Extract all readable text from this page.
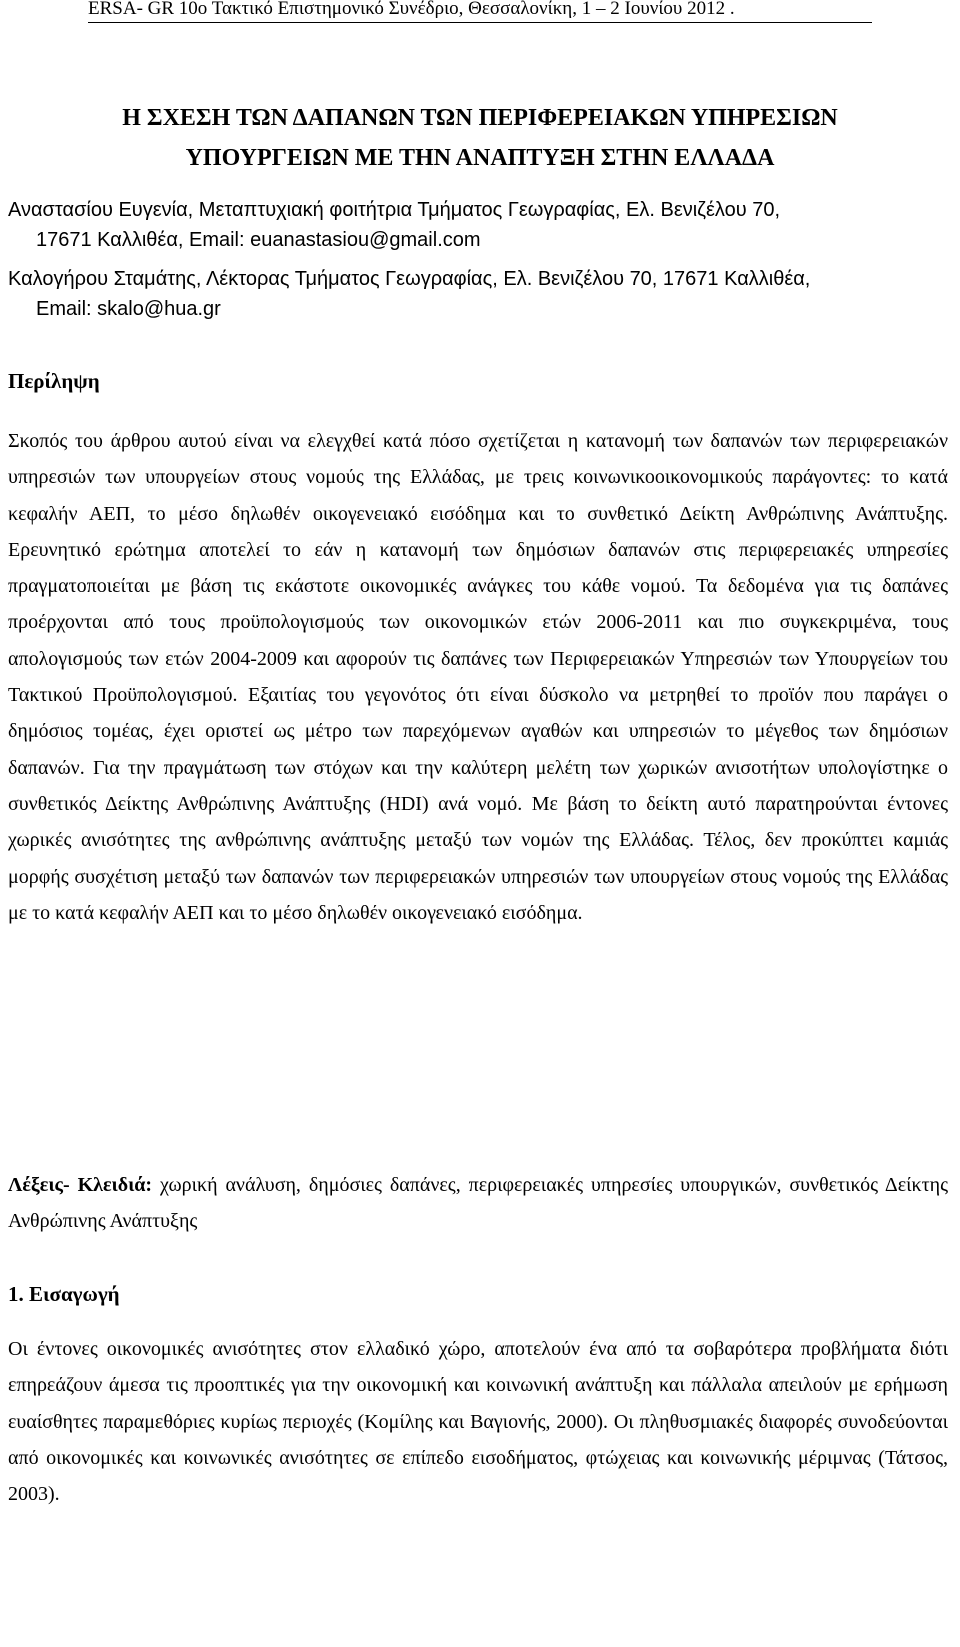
ERSA- GR 10ο Τακτικό Επιστημονικό Συνέδριο, Θεσσαλονίκη, 1 – 2 Ιουνίου 2012 .
Η ΣΧΕΣΗ ΤΩΝ ΔΑΠΑΝΩΝ ΤΩΝ ΠΕΡΙΦΕΡΕΙΑΚΩΝ ΥΠΗΡΕΣΙΩΝ
ΥΠΟΥΡΓΕΙΩΝ ΜΕ ΤΗΝ ΑΝΑΠΤΥΞΗ ΣΤΗΝ ΕΛΛΑΔΑ
Αναστασίου Ευγενία, Μεταπτυχιακή φοιτήτρια Τμήματος Γεωγραφίας, Ελ. Βενιζέλου 70,
17671 Καλλιθέα, Email: euanastasiou@gmail.com
Καλογήρου Σταμάτης, Λέκτορας Τμήματος Γεωγραφίας, Ελ. Βενιζέλου 70, 17671 Καλλιθέα,
Email: skalo@hua.gr
Περίληψη
Σκοπός του άρθρου αυτού είναι να ελεγχθεί κατά πόσο σχετίζεται η κατανομή των δαπανών των περιφερειακών υπηρεσιών των υπουργείων στους νομούς της Ελλάδας, με τρεις κοινωνικοοικονομικούς παράγοντες: το κατά κεφαλήν ΑΕΠ, το μέσο δηλωθέν οικογενειακό εισόδημα και το συνθετικό Δείκτη Ανθρώπινης Ανάπτυξης. Ερευνητικό ερώτημα αποτελεί το εάν η κατανομή των δημόσιων δαπανών στις περιφερειακές υπηρεσίες πραγματοποιείται με βάση τις εκάστοτε οικονομικές ανάγκες του κάθε νομού. Τα δεδομένα για τις δαπάνες προέρχονται από τους προϋπολογισμούς των οικονομικών ετών 2006-2011 και πιο συγκεκριμένα, τους απολογισμούς των ετών 2004-2009 και αφορούν τις δαπάνες των Περιφερειακών Υπηρεσιών των Υπουργείων του Τακτικού Προϋπολογισμού. Εξαιτίας του γεγονότος ότι είναι δύσκολο να μετρηθεί το προϊόν που παράγει ο δημόσιος τομέας, έχει οριστεί ως μέτρο των παρεχόμενων αγαθών και υπηρεσιών το μέγεθος των δημόσιων δαπανών. Για την πραγμάτωση των στόχων και την καλύτερη μελέτη των χωρικών ανισοτήτων υπολογίστηκε ο συνθετικός Δείκτης Ανθρώπινης Ανάπτυξης (HDI) ανά νομό. Με βάση το δείκτη αυτό παρατηρούνται έντονες χωρικές ανισότητες της ανθρώπινης ανάπτυξης μεταξύ των νομών της Ελλάδας. Τέλος, δεν προκύπτει καμιάς μορφής συσχέτιση μεταξύ των δαπανών των περιφερειακών υπηρεσιών των υπουργείων στους νομούς της Ελλάδας με το κατά κεφαλήν ΑΕΠ και το μέσο δηλωθέν οικογενειακό εισόδημα.
Λέξεις- Κλειδιά: χωρική ανάλυση, δημόσιες δαπάνες, περιφερειακές υπηρεσίες υπουργικών, συνθετικός Δείκτης Ανθρώπινης Ανάπτυξης
1. Εισαγωγή
Οι έντονες οικονομικές ανισότητες στον ελλαδικό χώρο, αποτελούν ένα από τα σοβαρότερα προβλήματα διότι επηρεάζουν άμεσα τις προοπτικές για την οικονομική και κοινωνική ανάπτυξη και πάλλαλα απειλούν με ερήμωση ευαίσθητες παραμεθόριες κυρίως περιοχές (Κομίλης και Βαγιονής, 2000). Οι πληθυσμιακές διαφορές συνοδεύονται από οικονομικές και κοινωνικές ανισότητες σε επίπεδο εισοδήματος, φτώχειας και κοινωνικής μέριμνας (Τάτσος, 2003).
